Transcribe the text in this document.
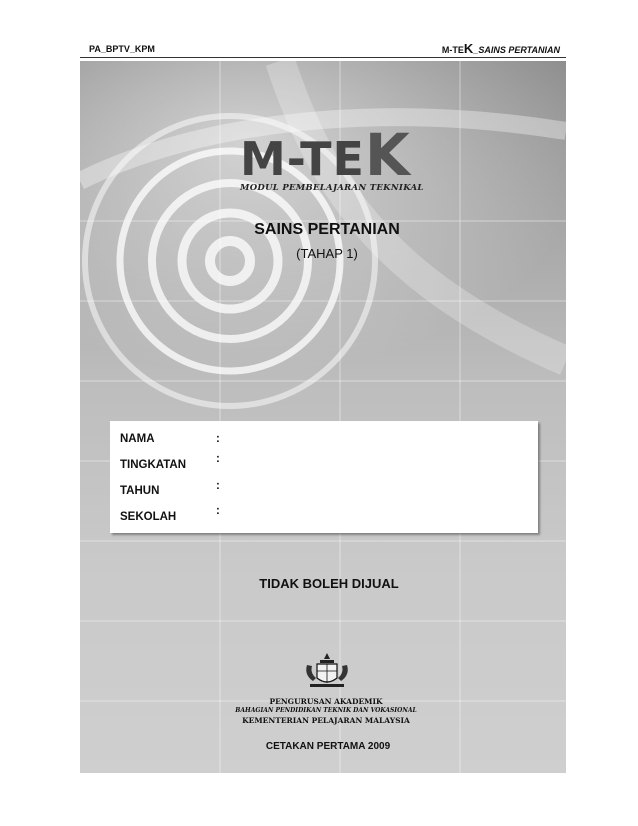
PA_BPTV_KPM	M-TEK_SAINS PERTANIAN
M-TEK
MODUL PEMBELAJARAN TEKNIKAL
SAINS PERTANIAN
(TAHAP 1)
NAMA	:
TINGKATAN	:
TAHUN	:
SEKOLAH	:
TIDAK BOLEH DIJUAL
PENGURUSAN AKADEMIK
BAHAGIAN PENDIDIKAN TEKNIK DAN VOKASIONAL
KEMENTERIAN PELAJARAN MALAYSIA
CETAKAN PERTAMA 2009
